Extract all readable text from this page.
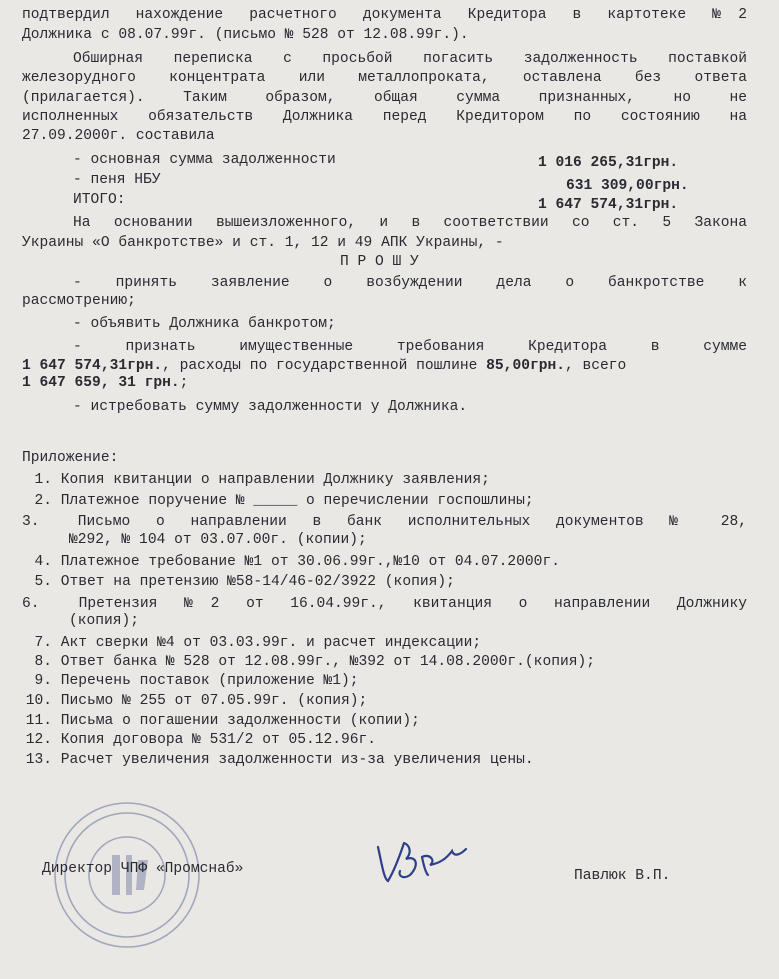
подтвердил нахождение расчетного документа Кредитора в картотеке №2
Должника с 08.07.99г. (письмо № 528 от 12.08.99г.).
Обширная переписка с просьбой погасить задолженность поставкой
железорудного концентрата или металлопроката, оставлена без ответа
(прилагается). Таким образом, общая сумма признанных, но не
исполненных обязательств Должника перед Кредитором по состоянию на
27.09.2000г. составила
- основная сумма задолженности	1 016 265,31грн.
- пеня НБУ	631 309,00грн.
ИТОГО:	1 647 574,31грн.
На основании вышеизложенного, и в соответствии со ст. 5 Закона
Украины «О банкротстве» и ст. 1, 12 и 49 АПК Украины, -
П Р О Ш У
- принять заявление о возбуждении дела о банкротстве к
рассмотрению;
- объявить Должника банкротом;
- признать имущественные требования Кредитора в сумме
1 647 574,31грн., расходы по государственной пошлине 85,00грн., всего
1 647 659, 31 грн.;
- истребовать сумму задолженности у Должника.
Приложение:
1. Копия квитанции о направлении Должнику заявления;
2. Платежное поручение № _____ о перечислении госпошлины;
3.	Письмо о направлении в банк исполнительных документов № 28,
№292, № 104 от 03.07.00г. (копии);
4. Платежное требование №1 от 30.06.99г.,№10 от 04.07.2000г.
5. Ответ на претензию №58-14/46-02/3922 (копия);
6.	Претензия №2 от 16.04.99г., квитанция о направлении Должнику
(копия);
7. Акт сверки №4 от 03.03.99г. и расчет индексации;
8. Ответ банка № 528 от 12.08.99г., №392 от 14.08.2000г.(копия);
9. Перечень поставок (приложение №1);
10. Письмо № 255 от 07.05.99г. (копия);
11. Письма о погашении задолженности (копии);
12. Копия договора № 531/2 от 05.12.96г.
13. Расчет увеличения задолженности из-за увеличения цены.
Директор ЧПФ «Промснаб»	Павлюк В.П.
